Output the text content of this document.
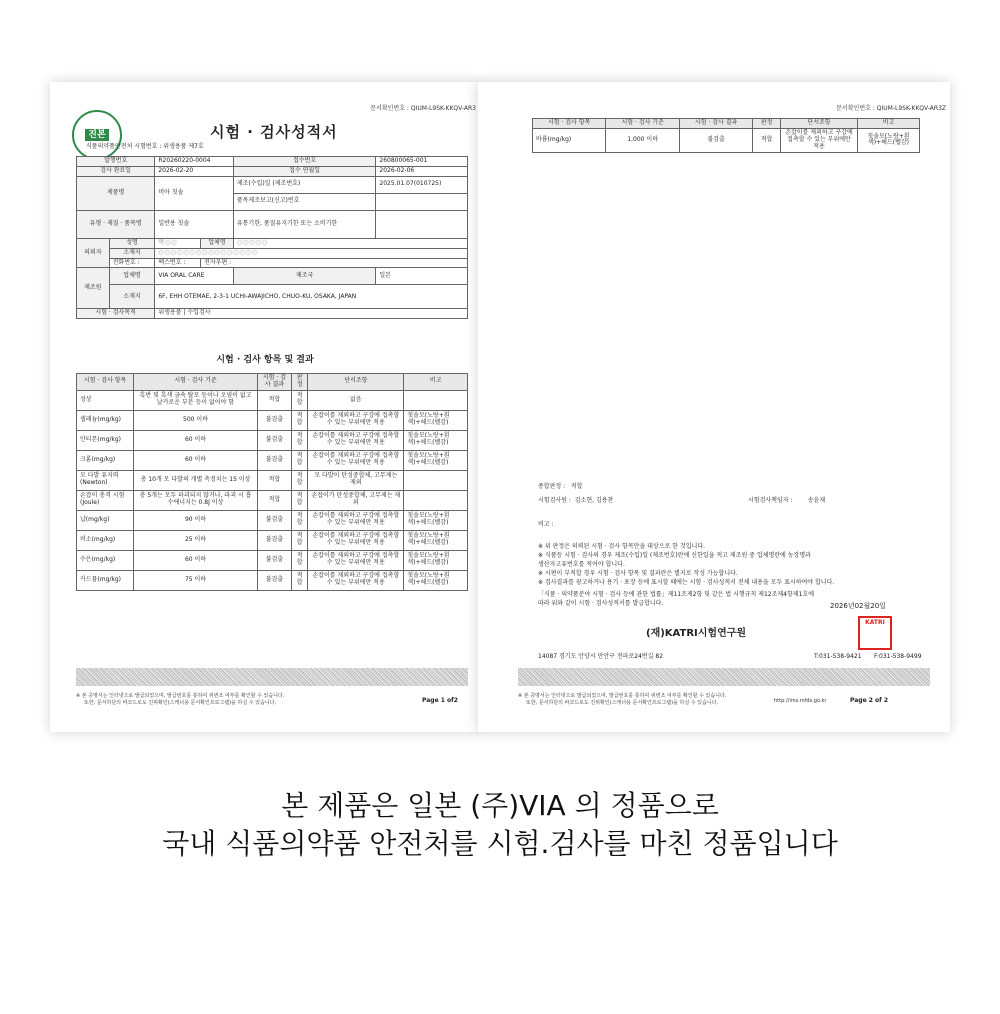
문서확인번호 : QIUM-L9SK-KKQV-AR3
진본	시험 · 검사성적서
식품의약품안전처 시험번호 : 위생용품 제7호
발행번호		R20260220-0004		접수번호	260800065-001
검사 완료일		2026-02-20		접수 연월일	2026-02-06
제품명		비아 칫솔		제조(수입)일 (제조번호)	2025.01.07(010725)
				품목제조보고(신고)번호	
유형 · 재질 · 품목명		일반용 칫솔		유통기한, 품질유지기한 또는 소비기한	
의뢰자	성명	박○○	업체명	○○○○○	
	소재지	○○○○○○○○○○○○○○○○			
	전화번호 :	팩스번호 :	전자우편 :		
제조원	업체명	VIA ORAL CARE		제조국	일본
	소재지	6F, EHH OTEMAE, 2-3-1 UCHI-AWAJICHO, CHUO-KU, OSAKA, JAPAN			
시험 · 검사목적		위생용품 | 수입검사			
시험 · 검사 항목 및 결과
시험 · 검사 항목	시험 · 검사 기준	시험 · 검사 결과	판정	단서조항	비고
성상	흑반 및 흑색 금속 탈모 등이나 오염이 없고 날카로운 부분 등이 없어야 함	적합	적합	없음	
셀레늄(mg/kg)	500 이하	불검출	적합	손잡이를 제외하고 구강에 접촉할 수 있는 부위에만 적용	칫솔모(노랑+흰색)+헤드(벨감)
안티몬(mg/kg)	60 이하	불검출	적합	손잡이를 제외하고 구강에 접촉할 수 있는 부위에만 적용	칫솔모(노랑+흰색)+헤드(벨감)
크롬(mg/kg)	60 이하	불검출	적합	손잡이를 제외하고 구강에 접촉할 수 있는 부위에만 적용	칫솔모(노랑+흰색)+헤드(벨감)
모 다발 유지력(Newton)	총 10개 모 다발의 개별 측정치는 15 이상	적합	적합	모 다발이 탄성중합체, 고무제는 제외	
손잡이 충격 시험(Joule)	총 5개는 모두 파괴되지 않거나, 파괴 시 흡수에너지는 0.8J 이상	적합	적합	손잡이가 탄성중합체, 고무제는 제외	
납(mg/kg)	90 이하	불검출	적합	손잡이를 제외하고 구강에 접촉할 수 있는 부위에만 적용	칫솔모(노랑+흰색)+헤드(벨감)
비소(mg/kg)	25 이하	불검출	적합	손잡이를 제외하고 구강에 접촉할 수 있는 부위에만 적용	칫솔모(노랑+흰색)+헤드(벨감)
수은(mg/kg)	60 이하	불검출	적합	손잡이를 제외하고 구강에 접촉할 수 있는 부위에만 적용	칫솔모(노랑+흰색)+헤드(벨감)
카드뮴(mg/kg)	75 이하	불검출	적합	손잡이를 제외하고 구강에 접촉할 수 있는 부위에만 적용	칫솔모(노랑+흰색)+헤드(벨감)
※ 본 증명서는 인터넷으로 발급되었으며, 발급번호를 통하여 위변조 여부를 확인할 수 있습니다.
또한, 문서하단의 바코드로도 진위확인(스캐너용 문서확인프로그램)을 하실 수 있습니다.	Page 1 of2
문서확인번호 : QIUM-L9SK-KKQV-AR3Z
시험 · 검사 항목	시험 · 검사 기준	시험 · 검사 결과	판정	단서조항	비고
바륨(mg/kg)	1,000 이하	불검출	적합	손잡이를 제외하고 구강에 접촉할 수 있는 부위에만 적용	칫솔모(노랑+흰색)+헤드(벨감)
종합판정 : 적합
시험검사원 : 김소현, 김용찬	시험검사책임자 :	송윤재
비고 :
※ 위 판정은 의뢰된 시험 · 검사 항목만을 대상으로 한 것입니다.
※ 식품등 시험 · 검사의 경우 제조(수입)일 (제조번호)란에 신한일을 적고 제조원 중 업체명란에 농장명과
생산자고유번호를 적어야 합니다.
※ 시편이 부적합 경우 시험 · 검사 항목 및 결과란은 별지로 작성 가능합니다.
※ 검사결과를 광고하거나 용기 · 포장 등에 표시할 때에는 시험 · 검사성적서 전체 내용을 모두 표시하여야 합니다.
「식품 · 의약품분야 시험 · 검사 등에 관한 법률」제11조제2항 및 같은 법 시행규칙 제12조제4항제1호에
따라 위와 같이 시험 · 검사성적서를 발급합니다.	2026년02월20일
(재)KATRI시험연구원
KATRI
14087 경기도 안양시 만안구 전파로24번길 82	T:031-538-9421 F:031-538-9499
※ 본 증명서는 인터넷으로 발급되었으며, 발급번호를 통하여 위변조 여부를 확인할 수 있습니다.
또한, 문서하단의 바코드로도 진위확인(스캐너용 문서확인프로그램)을 하실 수 있습니다.	http://ims.mfds.go.kr	Page 2 of 2
본 제품은 일본 (주)VIA 의 정품으로
국내 식품의약품 안전처를 시험.검사를 마친 정품입니다
